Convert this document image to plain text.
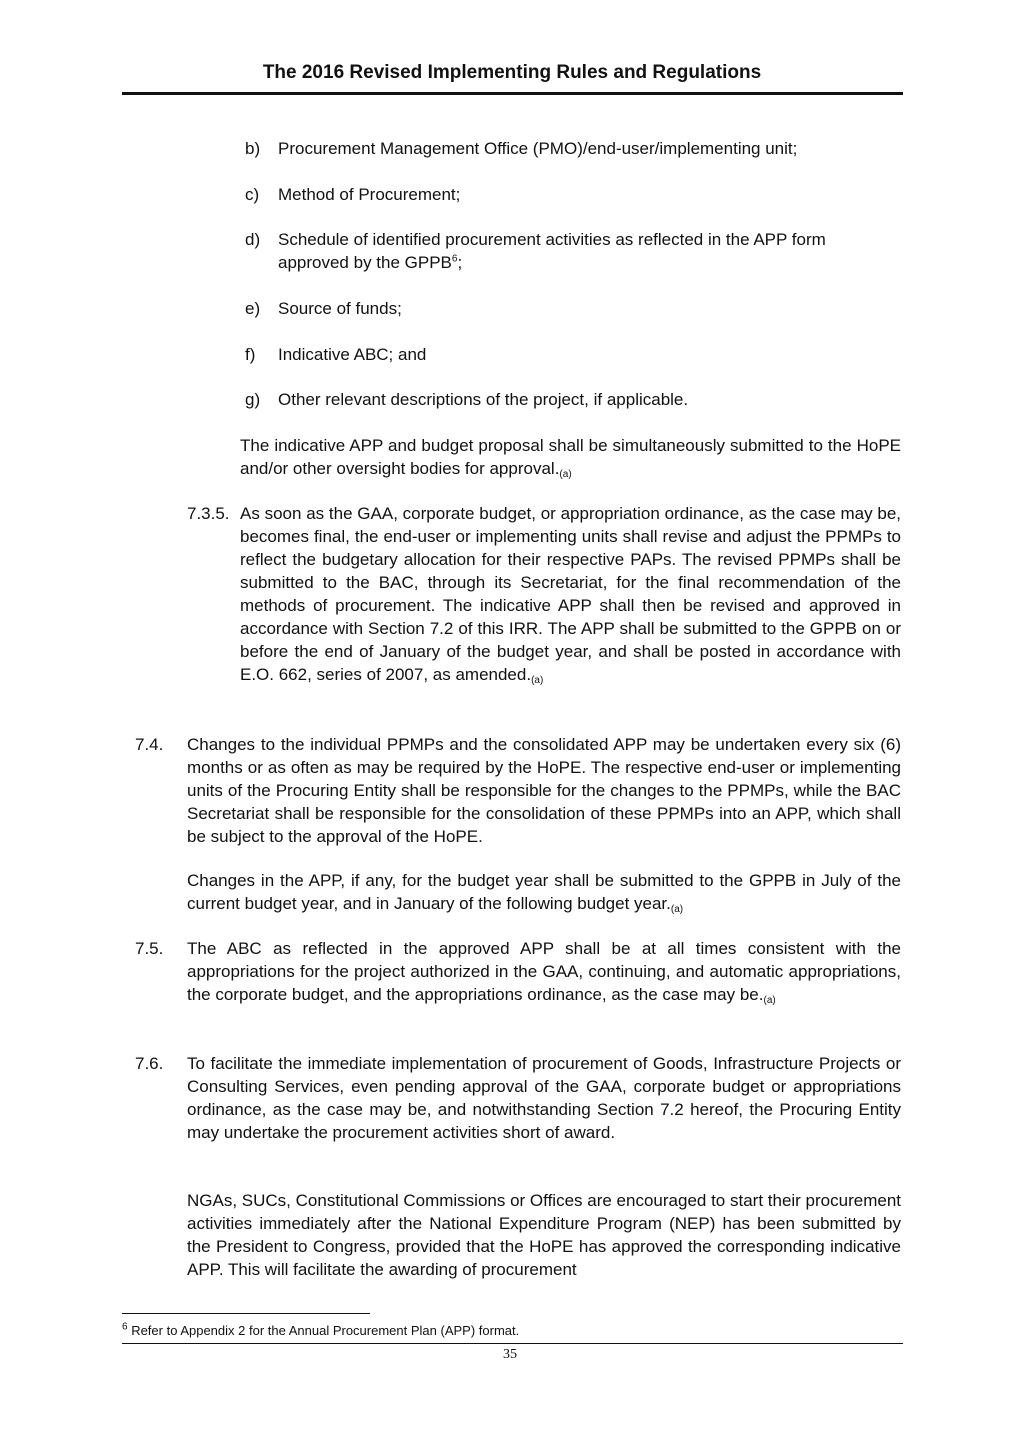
The 2016 Revised Implementing Rules and Regulations
b) Procurement Management Office (PMO)/end-user/implementing unit;
c) Method of Procurement;
d) Schedule of identified procurement activities as reflected in the APP form
approved by the GPPB$^6$;
e) Source of funds;
f) Indicative ABC; and
g) Other relevant descriptions of the project, if applicable.
The indicative APP and budget proposal shall be simultaneously submitted to the HoPE and/or other oversight bodies for $approval._{(a)}$
7.3.5. As soon as the GAA, corporate budget, or appropriation ordinance, as the case may be, becomes final, the end-user or implementing units shall revise and adjust the PPMPs to reflect the budgetary allocation for their respective PAPs. The revised PPMPs shall be submitted to the BAC, through its Secretariat, for the final recommendation of the methods of procurement. The indicative APP shall then be revised and approved in accordance with Section 7.2 of this IRR. The APP shall be submitted to the GPPB on or before the end of January of the budget year, and shall be posted in accordance with E.O. 662, series of 2007, as $amended._{(a)}$
7.4. Changes to the individual PPMPs and the consolidated APP may be undertaken every six (6) months or as often as may be required by the HoPE. The respective end-user or implementing units of the Procuring Entity shall be responsible for the changes to the PPMPs, while the BAC Secretariat shall be responsible for the consolidation of these PPMPs into an APP, which shall be subject to the approval of the HoPE.
Changes in the APP, if any, for the budget year shall be submitted to the GPPB in July of the current budget year, and in January of the following budget $year._{(a)}$
7.5. The ABC as reflected in the approved APP shall be at all times consistent with the appropriations for the project authorized in the GAA, continuing, and automatic appropriations, the corporate budget, and the appropriations ordinance, as the case may $be._{(a)}$
7.6. To facilitate the immediate implementation of procurement of Goods, Infrastructure Projects or Consulting Services, even pending approval of the GAA, corporate budget or appropriations ordinance, as the case may be, and notwithstanding Section 7.2 hereof, the Procuring Entity may undertake the procurement activities short of award.
NGAs, SUCs, Constitutional Commissions or Offices are encouraged to start their procurement activities immediately after the National Expenditure Program (NEP) has been submitted by the President to Congress, provided that the HoPE has approved the corresponding indicative APP. This will facilitate the awarding of procurement
$^6$ Refer to Appendix 2 for the Annual Procurement Plan (APP) format.
35
